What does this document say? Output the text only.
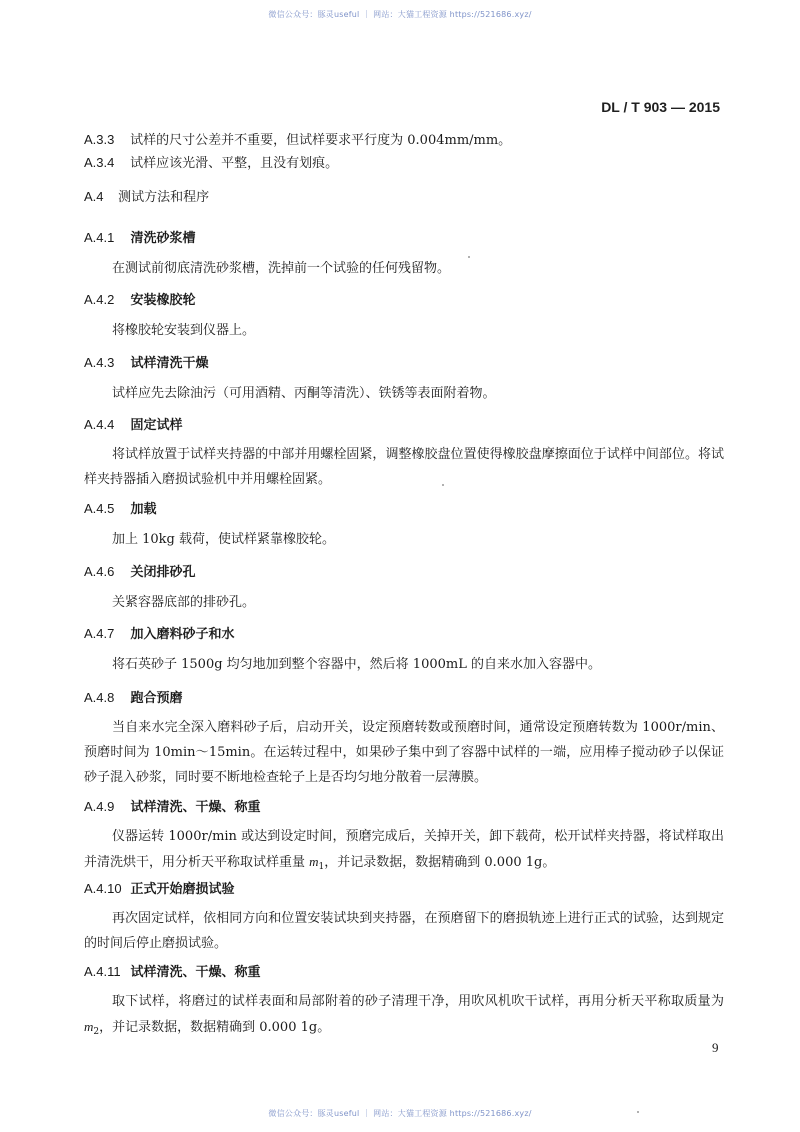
微信公众号：豚灵useful ｜ 网站：大猫工程资源 https://521686.xyz/
DL / T 903 — 2015
A.3.3 试样的尺寸公差并不重要，但试样要求平行度为 0.004mm/mm。
A.3.4 试样应该光滑、平整，且没有划痕。
A.4 测试方法和程序
A.4.1 清洗砂浆槽
在测试前彻底清洗砂浆槽，洗掉前一个试验的任何残留物。
A.4.2 安装橡胶轮
将橡胶轮安装到仪器上。
A.4.3 试样清洗干燥
试样应先去除油污（可用酒精、丙酮等清洗）、铁锈等表面附着物。
A.4.4 固定试样
将试样放置于试样夹持器的中部并用螺栓固紧，调整橡胶盘位置使得橡胶盘摩擦面位于试样中间部位。将试样夹持器插入磨损试验机中并用螺栓固紧。
A.4.5 加载
加上 10kg 载荷，使试样紧靠橡胶轮。
A.4.6 关闭排砂孔
关紧容器底部的排砂孔。
A.4.7 加入磨料砂子和水
将石英砂子 1500g 均匀地加到整个容器中，然后将 1000mL 的自来水加入容器中。
A.4.8 跑合预磨
当自来水完全深入磨料砂子后，启动开关，设定预磨转数或预磨时间，通常设定预磨转数为 1000r/min、预磨时间为 10min～15min。在运转过程中，如果砂子集中到了容器中试样的一端，应用棒子搅动砂子以保证砂子混入砂浆，同时要不断地检查轮子上是否均匀地分散着一层薄膜。
A.4.9 试样清洗、干燥、称重
仪器运转 1000r/min 或达到设定时间，预磨完成后，关掉开关，卸下载荷，松开试样夹持器，将试样取出并清洗烘干，用分析天平称取试样重量 $m_1$，并记录数据，数据精确到 0.000 1g。
A.4.10 正式开始磨损试验
再次固定试样，依相同方向和位置安装试块到夹持器，在预磨留下的磨损轨迹上进行正式的试验，达到规定的时间后停止磨损试验。
A.4.11 试样清洗、干燥、称重
取下试样，将磨过的试样表面和局部附着的砂子清理干净，用吹风机吹干试样，再用分析天平称取质量为 $m_2$，并记录数据，数据精确到 0.000 1g。
9
微信公众号：豚灵useful ｜ 网站：大猫工程资源 https://521686.xyz/
